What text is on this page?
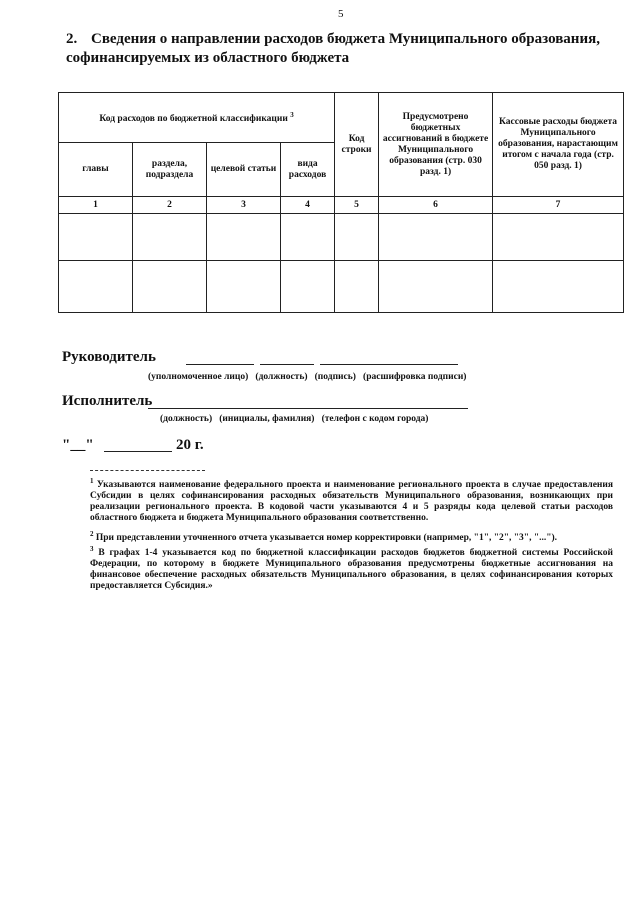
5
2. Сведения о направлении расходов бюджета Муниципального образования, софинансируемых из областного бюджета
Код расходов по бюджетной классификации $^3$				Код строки	Предусмотрено бюджетных ассигнований в бюджете Муниципального образования (стр. 030 разд. 1)	Кассовые расходы бюджета Муниципального образования, нарастающим итогом с начала года (стр. 050 разд. 1)
главы	раздела, подраздела	целевой статьи	вида расходов			
1	2	3	4	5	6	7

Руководитель
(уполномоченное лицо)   (должность)   (подпись)   (расшифровка подписи)
Исполнитель
(должность)   (инициалы, фамилия)   (телефон с кодом города)
"__"	20 г.
$^1$ Указываются наименование федерального проекта и наименование регионального проекта в случае предоставления Субсидии в целях софинансирования расходных обязательств Муниципального образования, возникающих при реализации регионального проекта. В кодовой части указываются 4 и 5 разряды кода целевой статьи расходов областного бюджета и бюджета Муниципального образования соответственно.
$^2$ При представлении уточненного отчета указывается номер корректировки (например, "1", "2", "3", "...").
$^3$ В графах 1-4 указывается код по бюджетной классификации расходов бюджетов бюджетной системы Российской Федерации, по которому в бюджете Муниципального образования предусмотрены бюджетные ассигнования на финансовое обеспечение расходных обязательств Муниципального образования, в целях софинансирования которых предоставляется Субсидия.»
